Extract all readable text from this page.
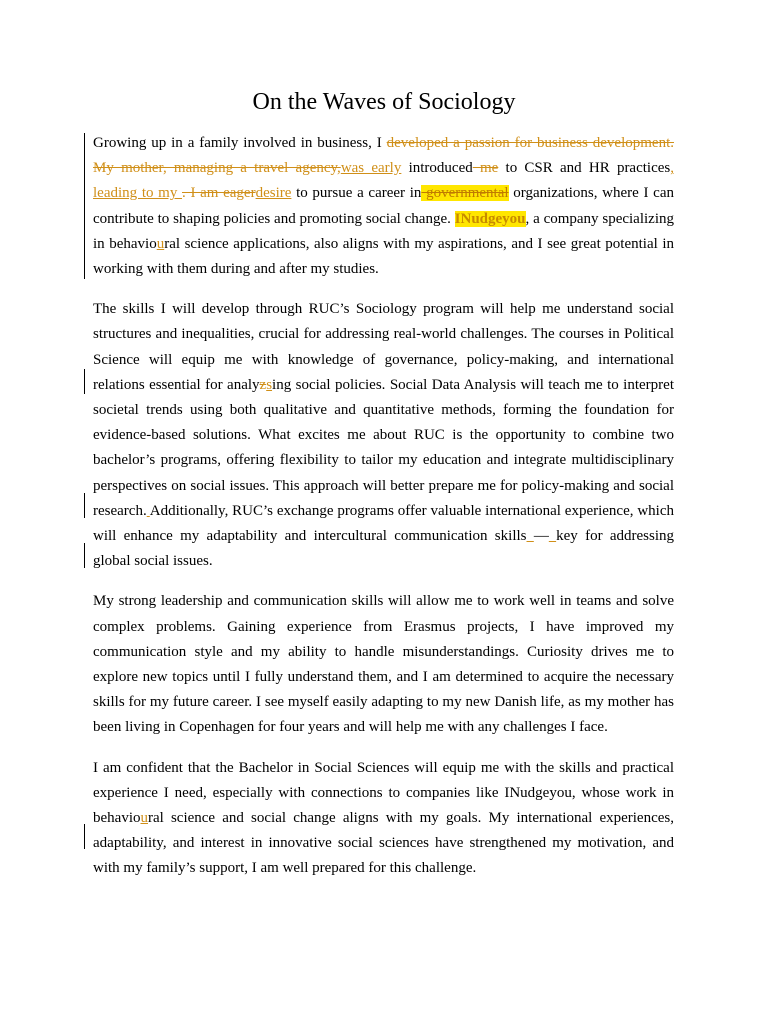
On the Waves of Sociology

Growing up in a family involved in business, I developed a passion for business development. My mother, managing a travel agency,was early introduced me to CSR and HR practices, leading to my . I am eagerdesire to pursue a career in governmental organizations, where I can contribute to shaping policies and promoting social change. INudgeyou, a company specializing in behavioural science applications, also aligns with my aspirations, and I see great potential in working with them during and after my studies.

The skills I will develop through RUC’s Sociology program will help me understand social structures and inequalities, crucial for addressing real-world challenges. The courses in Political Science will equip me with knowledge of governance, policy-making, and international relations essential for analyzsing social policies. Social Data Analysis will teach me to interpret societal trends using both qualitative and quantitative methods, forming the foundation for evidence-based solutions. What excites me about RUC is the opportunity to combine two bachelor’s programs, offering flexibility to tailor my education and integrate multidisciplinary perspectives on social issues. This approach will better prepare me for policy-making and social research. Additionally, RUC’s exchange programs offer valuable international experience, which will enhance my adaptability and intercultural communication skills — key for addressing global social issues.

My strong leadership and communication skills will allow me to work well in teams and solve complex problems. Gaining experience from Erasmus projects, I have improved my communication style and my ability to handle misunderstandings. Curiosity drives me to explore new topics until I fully understand them, and I am determined to acquire the necessary skills for my future career. I see myself easily adapting to my new Danish life, as my mother has been living in Copenhagen for four years and will help me with any challenges I face.

I am confident that the Bachelor in Social Sciences will equip me with the skills and practical experience I need, especially with connections to companies like INudgeyou, whose work in behavioural science and social change aligns with my goals. My international experiences, adaptability, and interest in innovative social sciences have strengthened my motivation, and with my family’s support, I am well prepared for this challenge.
